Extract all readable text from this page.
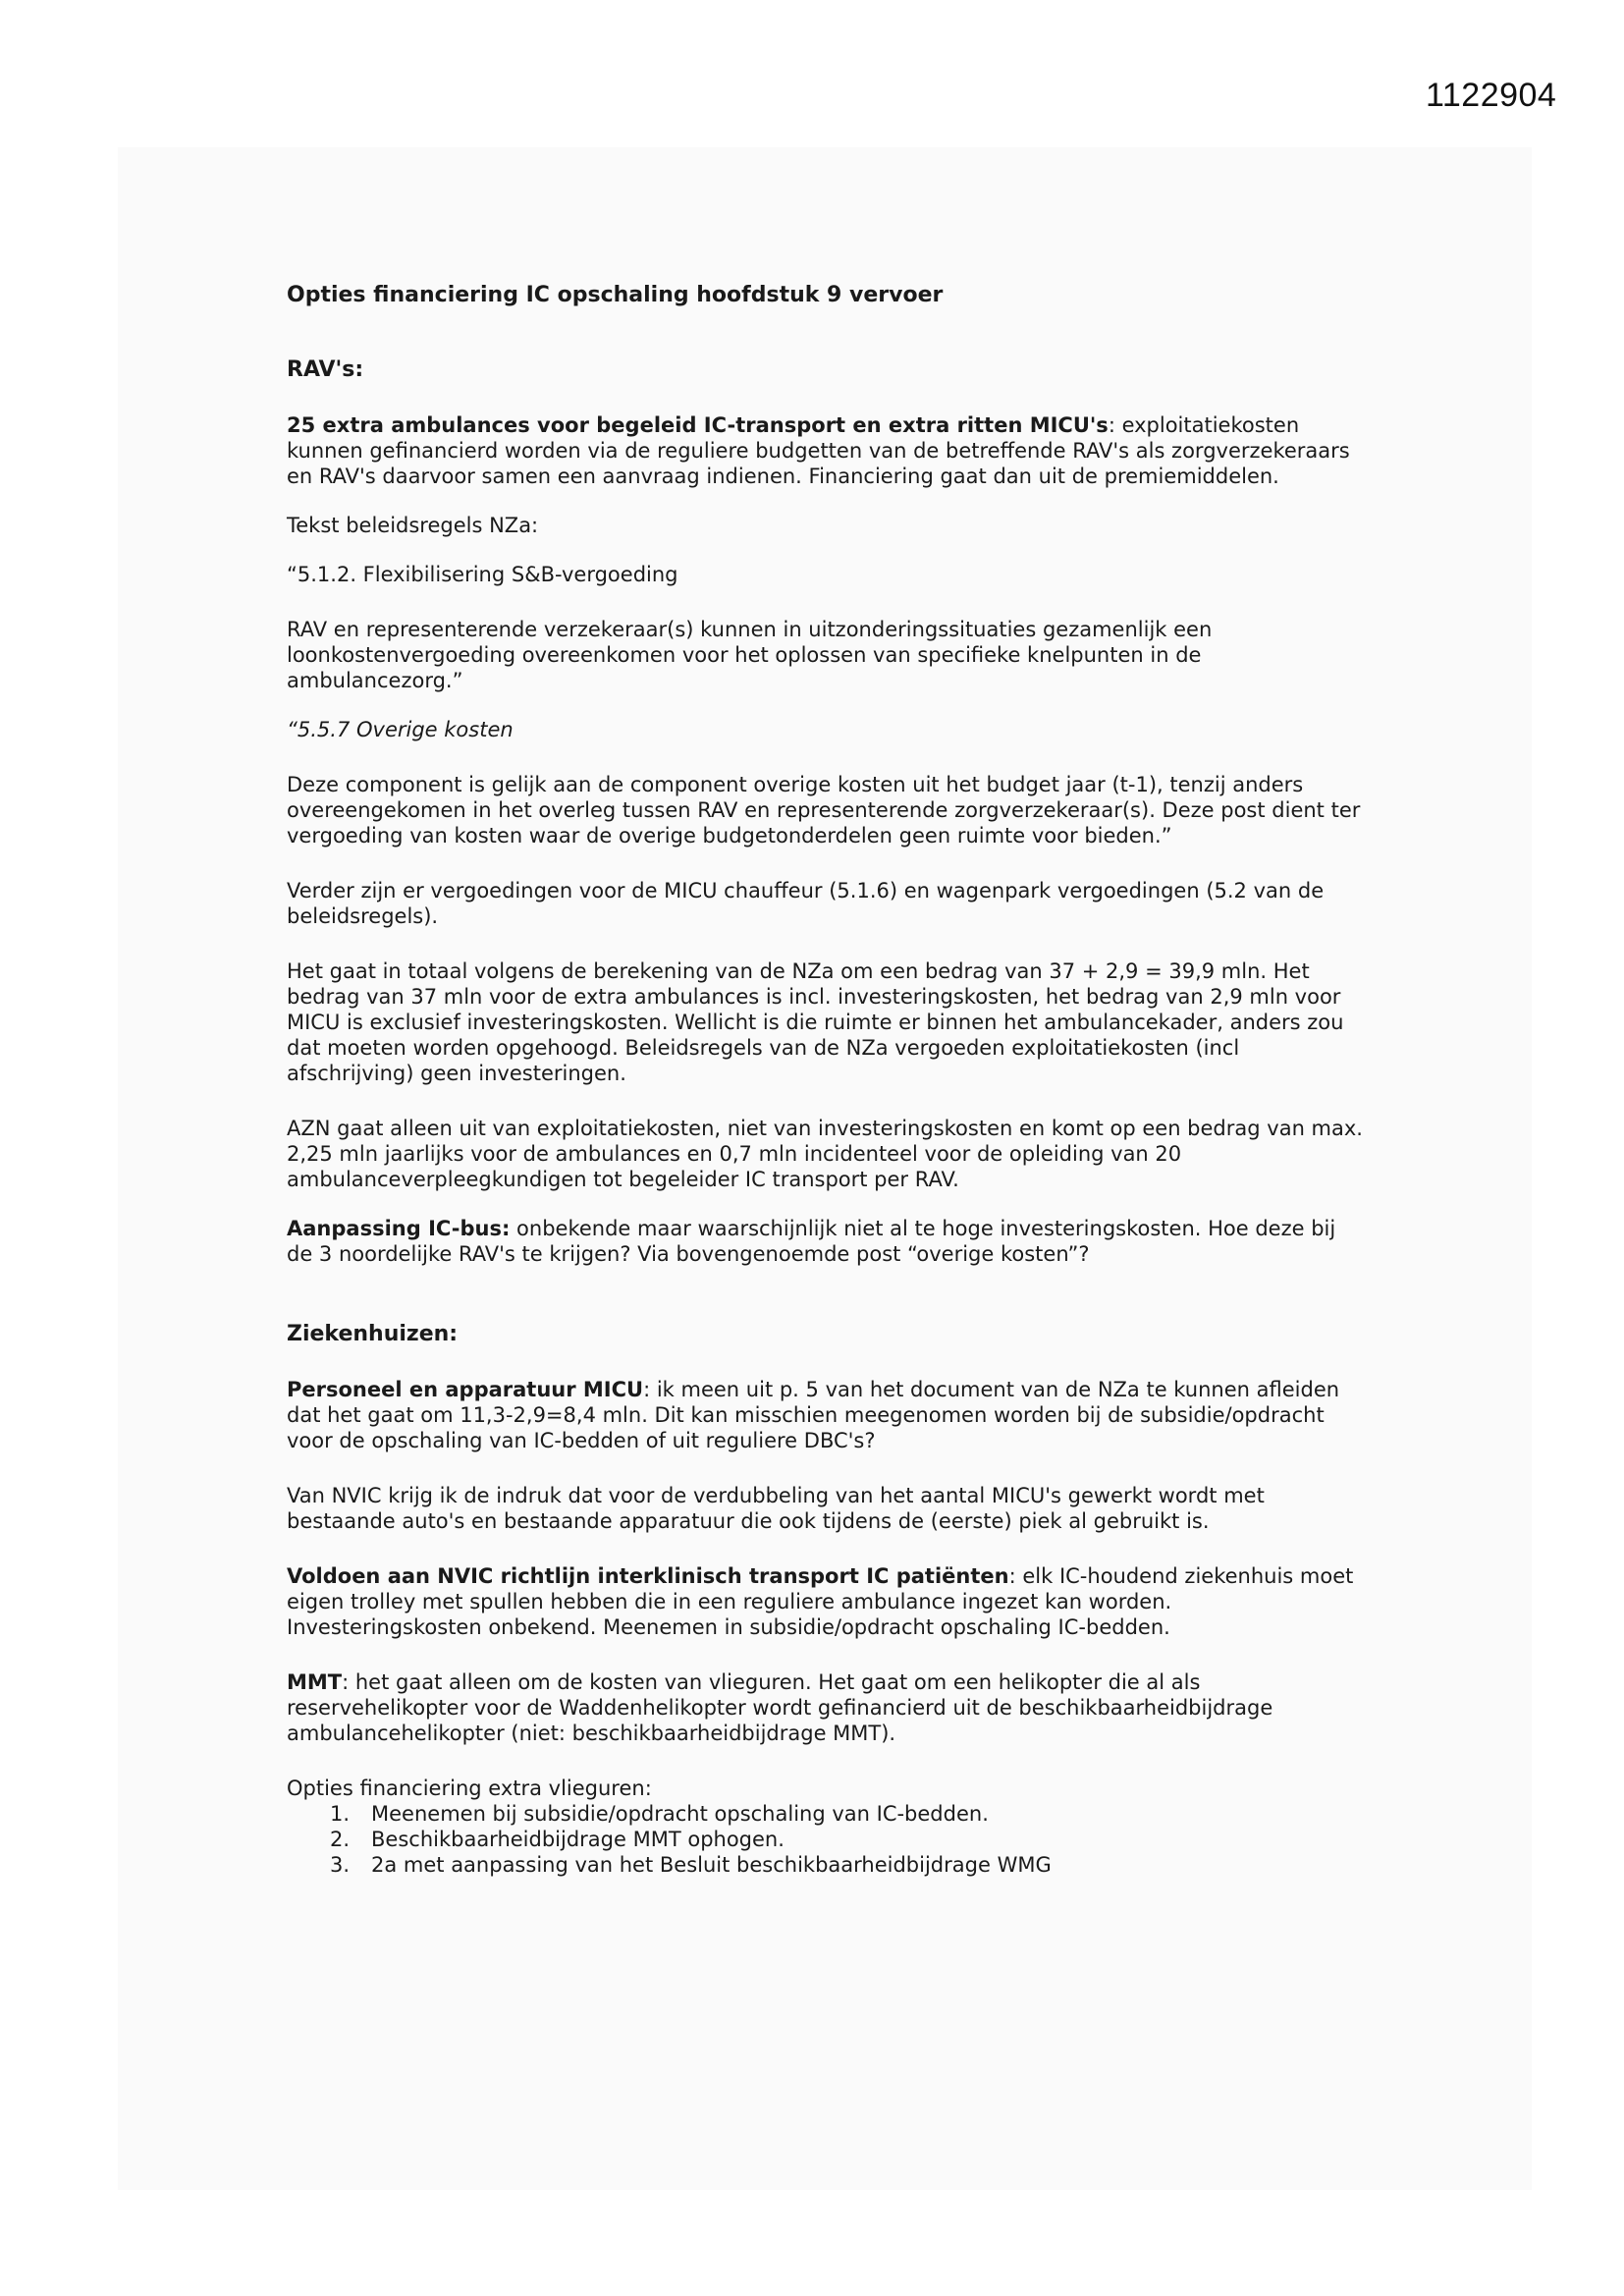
1122904

Opties financiering IC opschaling hoofdstuk 9 vervoer

RAV's:

25 extra ambulances voor begeleid IC-transport en extra ritten MICU's: exploitatiekosten kunnen gefinancierd worden via de reguliere budgetten van de betreffende RAV's als zorgverzekeraars en RAV's daarvoor samen een aanvraag indienen. Financiering gaat dan uit de premiemiddelen.

Tekst beleidsregels NZa:

“5.1.2. Flexibilisering S&B-vergoeding

RAV en representerende verzekeraar(s) kunnen in uitzonderingssituaties gezamenlijk een loonkostenvergoeding overeenkomen voor het oplossen van specifieke knelpunten in de ambulancezorg.”

“5.5.7 Overige kosten

Deze component is gelijk aan de component overige kosten uit het budget jaar (t-1), tenzij anders overeengekomen in het overleg tussen RAV en representerende zorgverzekeraar(s). Deze post dient ter vergoeding van kosten waar de overige budgetonderdelen geen ruimte voor bieden.”

Verder zijn er vergoedingen voor de MICU chauffeur (5.1.6) en wagenpark vergoedingen (5.2 van de beleidsregels).

Het gaat in totaal volgens de berekening van de NZa om een bedrag van 37 + 2,9 = 39,9 mln. Het bedrag van 37 mln voor de extra ambulances is incl. investeringskosten, het bedrag van 2,9 mln voor MICU is exclusief investeringskosten. Wellicht is die ruimte er binnen het ambulancekader, anders zou dat moeten worden opgehoogd. Beleidsregels van de NZa vergoeden exploitatiekosten (incl afschrijving) geen investeringen.

AZN gaat alleen uit van exploitatiekosten, niet van investeringskosten en komt op een bedrag van max. 2,25 mln jaarlijks voor de ambulances en 0,7 mln incidenteel voor de opleiding van 20 ambulanceverpleegkundigen tot begeleider IC transport per RAV.

Aanpassing IC-bus: onbekende maar waarschijnlijk niet al te hoge investeringskosten. Hoe deze bij de 3 noordelijke RAV's te krijgen? Via bovengenoemde post “overige kosten”?

Ziekenhuizen:

Personeel en apparatuur MICU: ik meen uit p. 5 van het document van de NZa te kunnen afleiden dat het gaat om 11,3-2,9=8,4 mln. Dit kan misschien meegenomen worden bij de subsidie/opdracht voor de opschaling van IC-bedden of uit reguliere DBC's?

Van NVIC krijg ik de indruk dat voor de verdubbeling van het aantal MICU's gewerkt wordt met bestaande auto's en bestaande apparatuur die ook tijdens de (eerste) piek al gebruikt is.

Voldoen aan NVIC richtlijn interklinisch transport IC patiënten: elk IC-houdend ziekenhuis moet eigen trolley met spullen hebben die in een reguliere ambulance ingezet kan worden. Investeringskosten onbekend. Meenemen in subsidie/opdracht opschaling IC-bedden.

MMT: het gaat alleen om de kosten van vlieguren. Het gaat om een helikopter die al als reservehelikopter voor de Waddenhelikopter wordt gefinancierd uit de beschikbaarheidbijdrage ambulancehelikopter (niet: beschikbaarheidbijdrage MMT).

Opties financiering extra vlieguren:

1. Meenemen bij subsidie/opdracht opschaling van IC-bedden.
2. Beschikbaarheidbijdrage MMT ophogen.
3. 2a met aanpassing van het Besluit beschikbaarheidbijdrage WMG
